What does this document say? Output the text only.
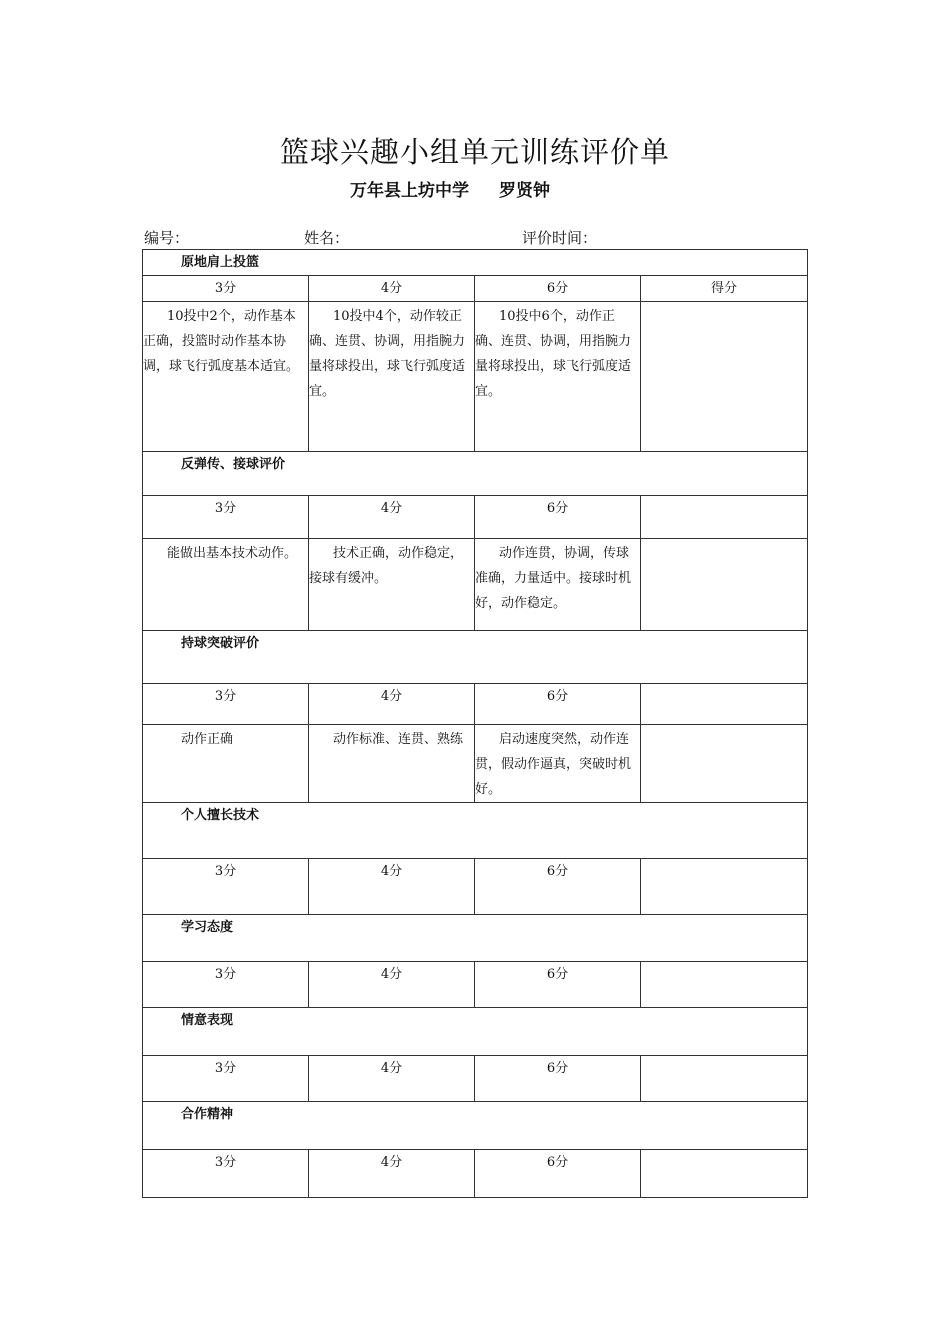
篮球兴趣小组单元训练评价单
万年县上坊中学 罗贤钟
编号：	姓名：	评价时间：
原地肩上投篮			
3分	4分	6分	得分
10投中2个，动作基本正确，投篮时动作基本协调，球飞行弧度基本适宜。	10投中4个，动作较正确、连贯、协调，用指腕力量将球投出，球飞行弧度适宜。	10投中6个，动作正确、连贯、协调，用指腕力量将球投出，球飞行弧度适宜。	
反弹传、接球评价			
3分	4分	6分	
能做出基本技术动作。	技术正确，动作稳定，接球有缓冲。	动作连贯，协调，传球准确，力量适中。接球时机好，动作稳定。	
持球突破评价			
3分	4分	6分	
动作正确	动作标准、连贯、熟练	启动速度突然，动作连贯，假动作逼真，突破时机好。	
个人擅长技术			
3分	4分	6分	
学习态度			
3分	4分	6分	
情意表现			
3分	4分	6分	
合作精神			
3分	4分	6分	
